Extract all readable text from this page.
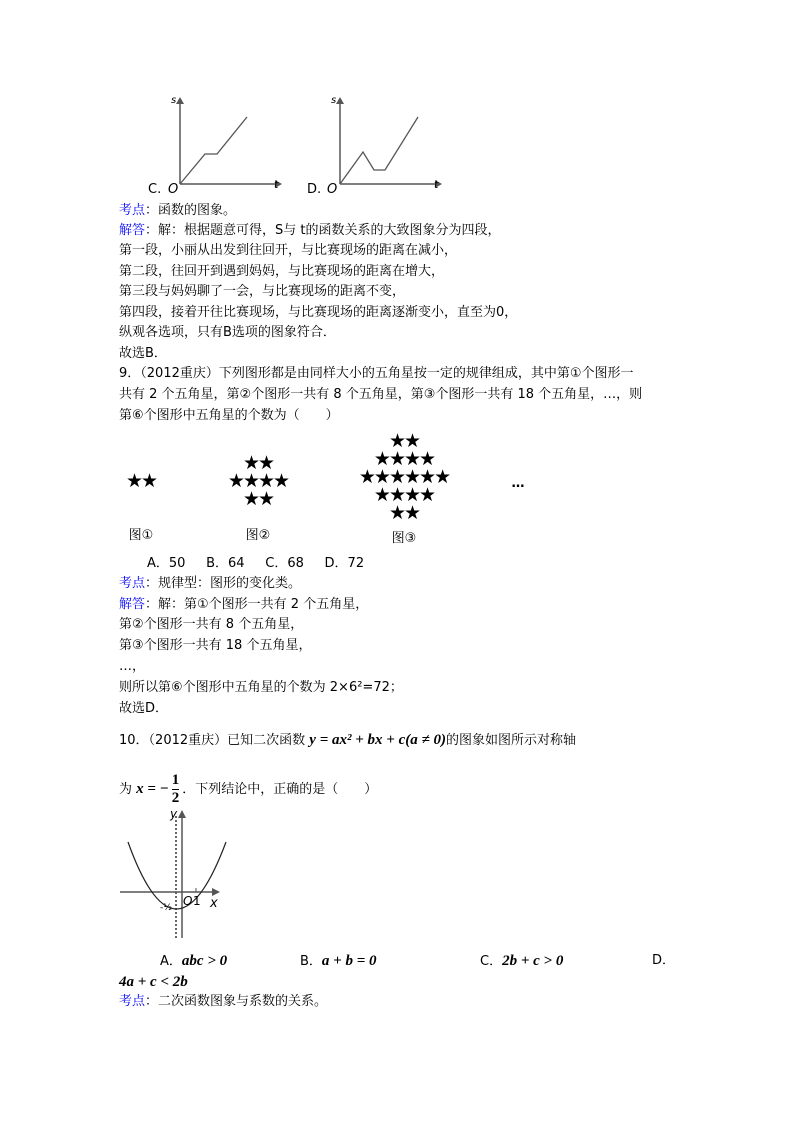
C. O
s
t D. O
s
t
考点：函数的图象。
解答：解：根据题意可得，S与 t的函数关系的大致图象分为四段，
第一段，小丽从出发到往回开，与比赛现场的距离在减小，
第二段，往回开到遇到妈妈，与比赛现场的距离在增大，
第三段与妈妈聊了一会，与比赛现场的距离不变，
第四段，接着开往比赛现场，与比赛现场的距离逐渐变小，直至为0，
纵观各选项，只有B选项的图象符合．
故选B．
9．（2012重庆）下列图形都是由同样大小的五角星按一定的规律组成，其中第①个图形一
共有 2 个五角星，第②个图形一共有 8 个五角星，第③个图形一共有 18 个五角星，…，则
第⑥个图形中五角星的个数为（　　）
★★
★★
★★★★
★★
★★
★★★★
★★★★★★
★★★★
★★
图①	图②	图③
…
A．50 B．64 C．68 D．72
考点：规律型：图形的变化类。
解答：解：第①个图形一共有 2 个五角星，
第②个图形一共有 8 个五角星，
第③个图形一共有 18 个五角星，
…，
则所以第⑥个图形中五角星的个数为 2×6²=72；
故选D．
10．（2012重庆）已知二次函数 y = ax² + bx + c(a ≠ 0)的图象如图所示对称轴
为 x = − $\frac{1}{2}$ ．下列结论中，正确的是（　　）
y
O 1 x
-½
A．abc > 0	B．a + b = 0	C．2b + c > 0	D．
4a + c < 2b
考点：二次函数图象与系数的关系。
